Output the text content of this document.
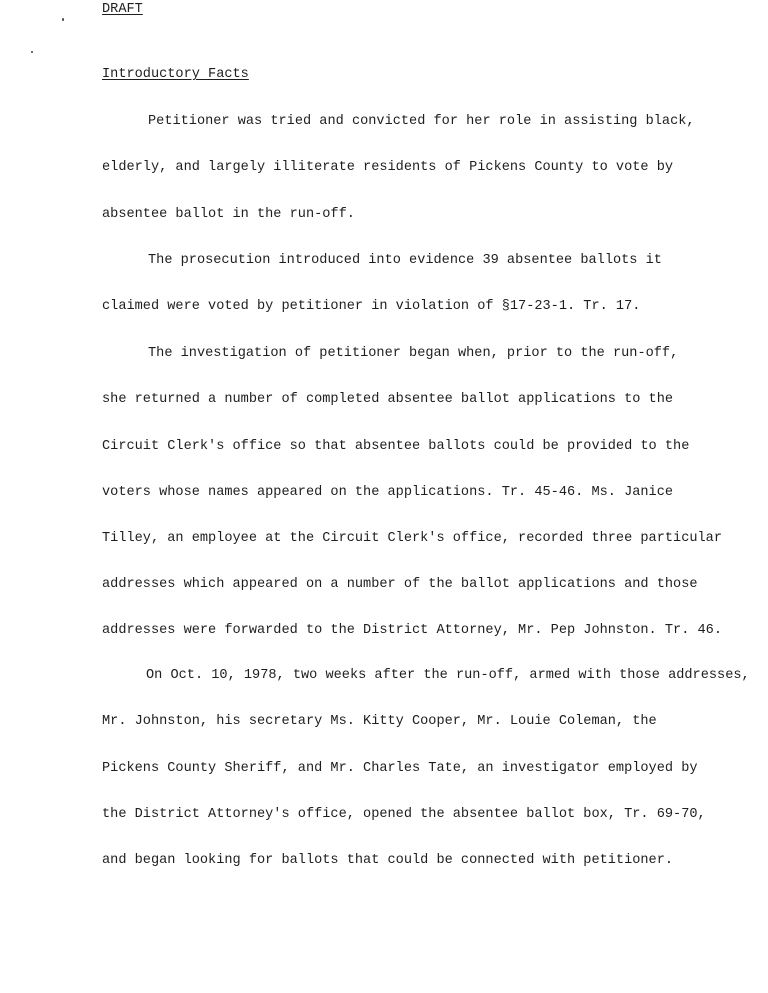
DRAFT
Introductory Facts
Petitioner was tried and convicted for her role in assisting black,
elderly, and largely illiterate residents of Pickens County to vote by
absentee ballot in the run-off.
The prosecution introduced into evidence 39 absentee ballots it
claimed were voted by petitioner in violation of §17-23-1. Tr. 17.
The investigation of petitioner began when, prior to the run-off,
she returned a number of completed absentee ballot applications to the
Circuit Clerk's office so that absentee ballots could be provided to the
voters whose names appeared on the applications. Tr. 45-46. Ms. Janice
Tilley, an employee at the Circuit Clerk's office, recorded three particular
addresses which appeared on a number of the ballot applications and those
addresses were forwarded to the District Attorney, Mr. Pep Johnston. Tr. 46.
On Oct. 10, 1978, two weeks after the run-off, armed with those addresses,
Mr. Johnston, his secretary Ms. Kitty Cooper, Mr. Louie Coleman, the
Pickens County Sheriff, and Mr. Charles Tate, an investigator employed by
the District Attorney's office, opened the absentee ballot box, Tr. 69-70,
and began looking for ballots that could be connected with petitioner.
